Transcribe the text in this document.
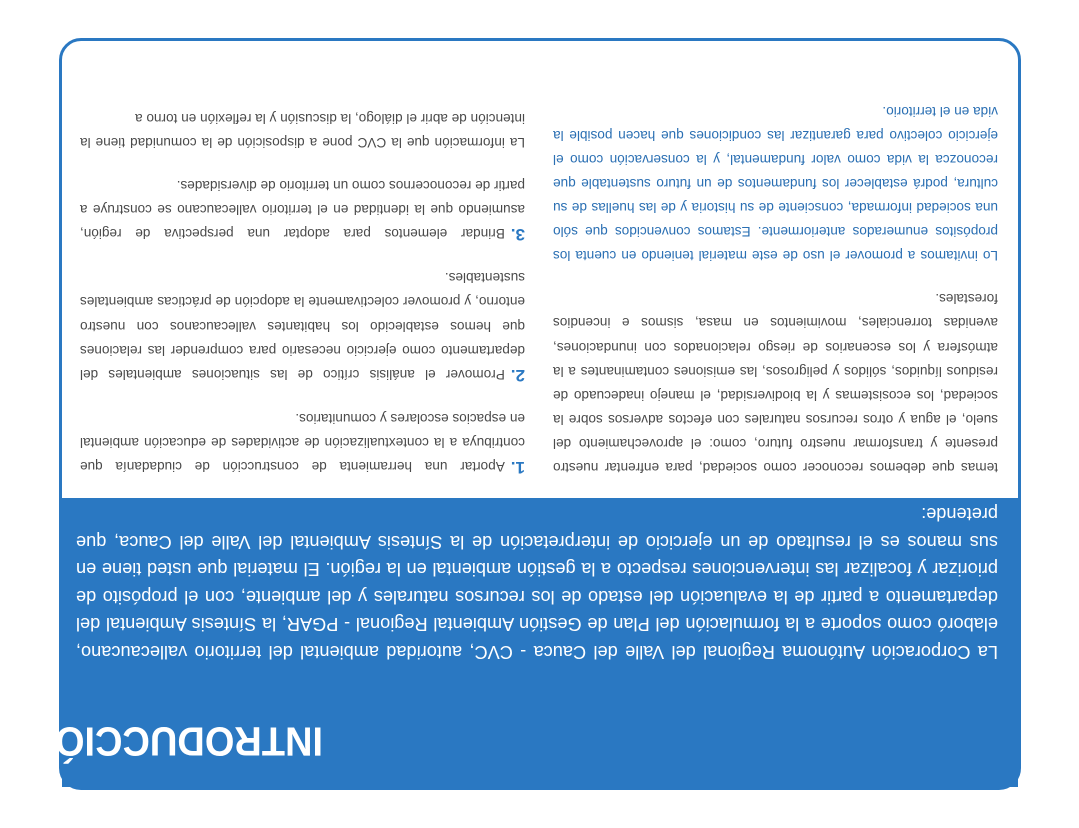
INTRODUCCIÓN

La Corporación Autónoma Regional del Valle del Cauca - CVC, autoridad ambiental del territorio vallecaucano, elaboró como soporte a la formulación del Plan de Gestión Ambiental Regional - PGAR, la Síntesis Ambiental del departamento a partir de la evaluación del estado de los recursos naturales y del ambiente, con el propósito de priorizar y focalizar las intervenciones respecto a la gestión ambiental en la región. El material que usted tiene en sus manos es el resultado de un ejercicio de interpretación de la Síntesis Ambiental del Valle del Cauca, que pretende:

1.Aportar una herramienta de construcción de ciudadanía que contribuya a la contextualización de actividades de educación ambiental en espacios escolares y comunitarios.

2.Promover el análisis crítico de las situaciones ambientales del departamento como ejercicio necesario para comprender las relaciones que hemos establecido los habitantes vallecaucanos con nuestro entorno, y promover colectivamente la adopción de prácticas ambientales sustentables.

3.Brindar elementos para adoptar una perspectiva de región, asumiendo que la identidad en el territorio vallecaucano se construye a partir de reconocernos como un territorio de diversidades.

La información que la CVC pone a disposición de la comunidad tiene la intención de abrir el diálogo, la discusión y la reflexión en torno a

temas que debemos reconocer como sociedad, para enfrentar nuestro presente y transformar nuestro futuro, como: el aprovechamiento del suelo, el agua y otros recursos naturales con efectos adversos sobre la sociedad, los ecosistemas y la biodiversidad, el manejo inadecuado de residuos líquidos, sólidos y peligrosos, las emisiones contaminantes a la atmósfera y los escenarios de riesgo relacionados con inundaciones, avenidas torrenciales, movimientos en masa, sismos e incendios forestales.

Lo invitamos a promover el uso de este material teniendo en cuenta los propósitos enumerados anteriormente. Estamos convencidos que sólo una sociedad informada, consciente de su historia y de las huellas de su cultura, podrá establecer los fundamentos de un futuro sustentable que reconozca la vida como valor fundamental, y la conservación como el ejercicio colectivo para garantizar las condiciones que hacen posible la vida en el territorio.
